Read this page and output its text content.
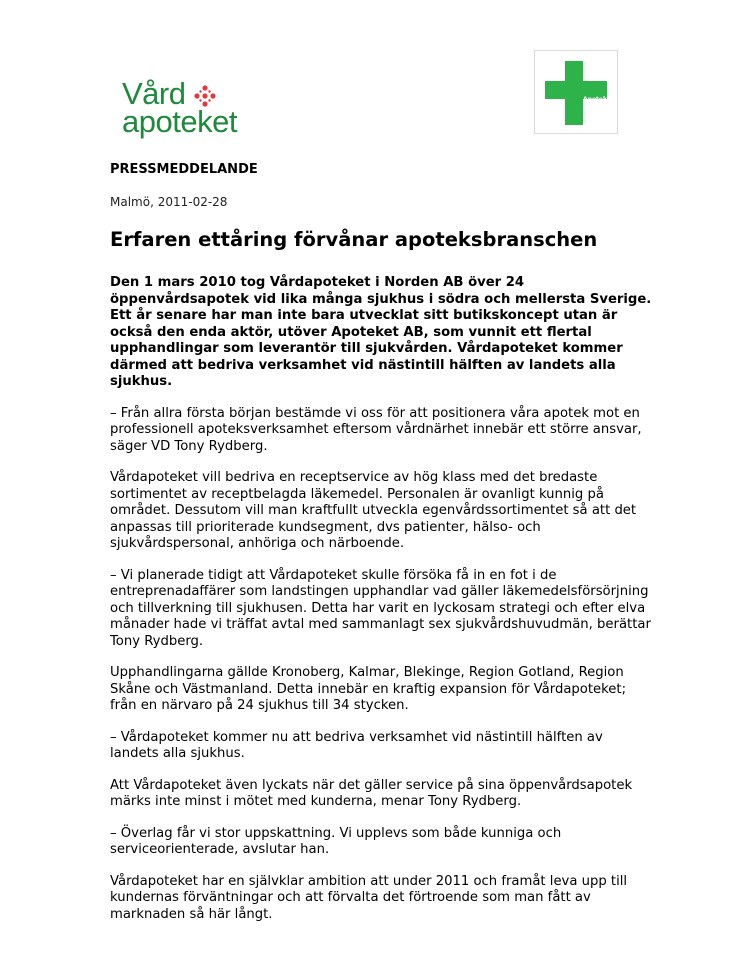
Vård
apoteket
Apotek
PRESSMEDDELANDE
Malmö, 2011-02-28
Erfaren ettåring förvånar apoteksbranschen

Den 1 mars 2010 tog Vårdapoteket i Norden AB över 24 öppenvårdsapotek vid lika många sjukhus i södra och mellersta Sverige. Ett år senare har man inte bara utvecklat sitt butikskoncept utan är också den enda aktör, utöver Apoteket AB, som vunnit ett flertal upphandlingar som leverantör till sjukvården. Vårdapoteket kommer därmed att bedriva verksamhet vid nästintill hälften av landets alla sjukhus.

– Från allra första början bestämde vi oss för att positionera våra apotek mot en professionell apoteksverksamhet eftersom vårdnärhet innebär ett större ansvar, säger VD Tony Rydberg.

Vårdapoteket vill bedriva en receptservice av hög klass med det bredaste sortimentet av receptbelagda läkemedel. Personalen är ovanligt kunnig på området. Dessutom vill man kraftfullt utveckla egenvårdssortimentet så att det anpassas till prioriterade kundsegment, dvs patienter, hälso- och sjukvårdspersonal, anhöriga och närboende.

– Vi planerade tidigt att Vårdapoteket skulle försöka få in en fot i de entreprenadaffärer som landstingen upphandlar vad gäller läkemedelsförsörjning och tillverkning till sjukhusen. Detta har varit en lyckosam strategi och efter elva månader hade vi träffat avtal med sammanlagt sex sjukvårdshuvudmän, berättar Tony Rydberg.

Upphandlingarna gällde Kronoberg, Kalmar, Blekinge, Region Gotland, Region Skåne och Västmanland. Detta innebär en kraftig expansion för Vårdapoteket; från en närvaro på 24 sjukhus till 34 stycken.

– Vårdapoteket kommer nu att bedriva verksamhet vid nästintill hälften av landets alla sjukhus.

Att Vårdapoteket även lyckats när det gäller service på sina öppenvårdsapotek märks inte minst i mötet med kunderna, menar Tony Rydberg.

– Överlag får vi stor uppskattning. Vi upplevs som både kunniga och serviceorienterade, avslutar han.

Vårdapoteket har en självklar ambition att under 2011 och framåt leva upp till kundernas förväntningar och att förvalta det förtroende som man fått av marknaden så här långt.
